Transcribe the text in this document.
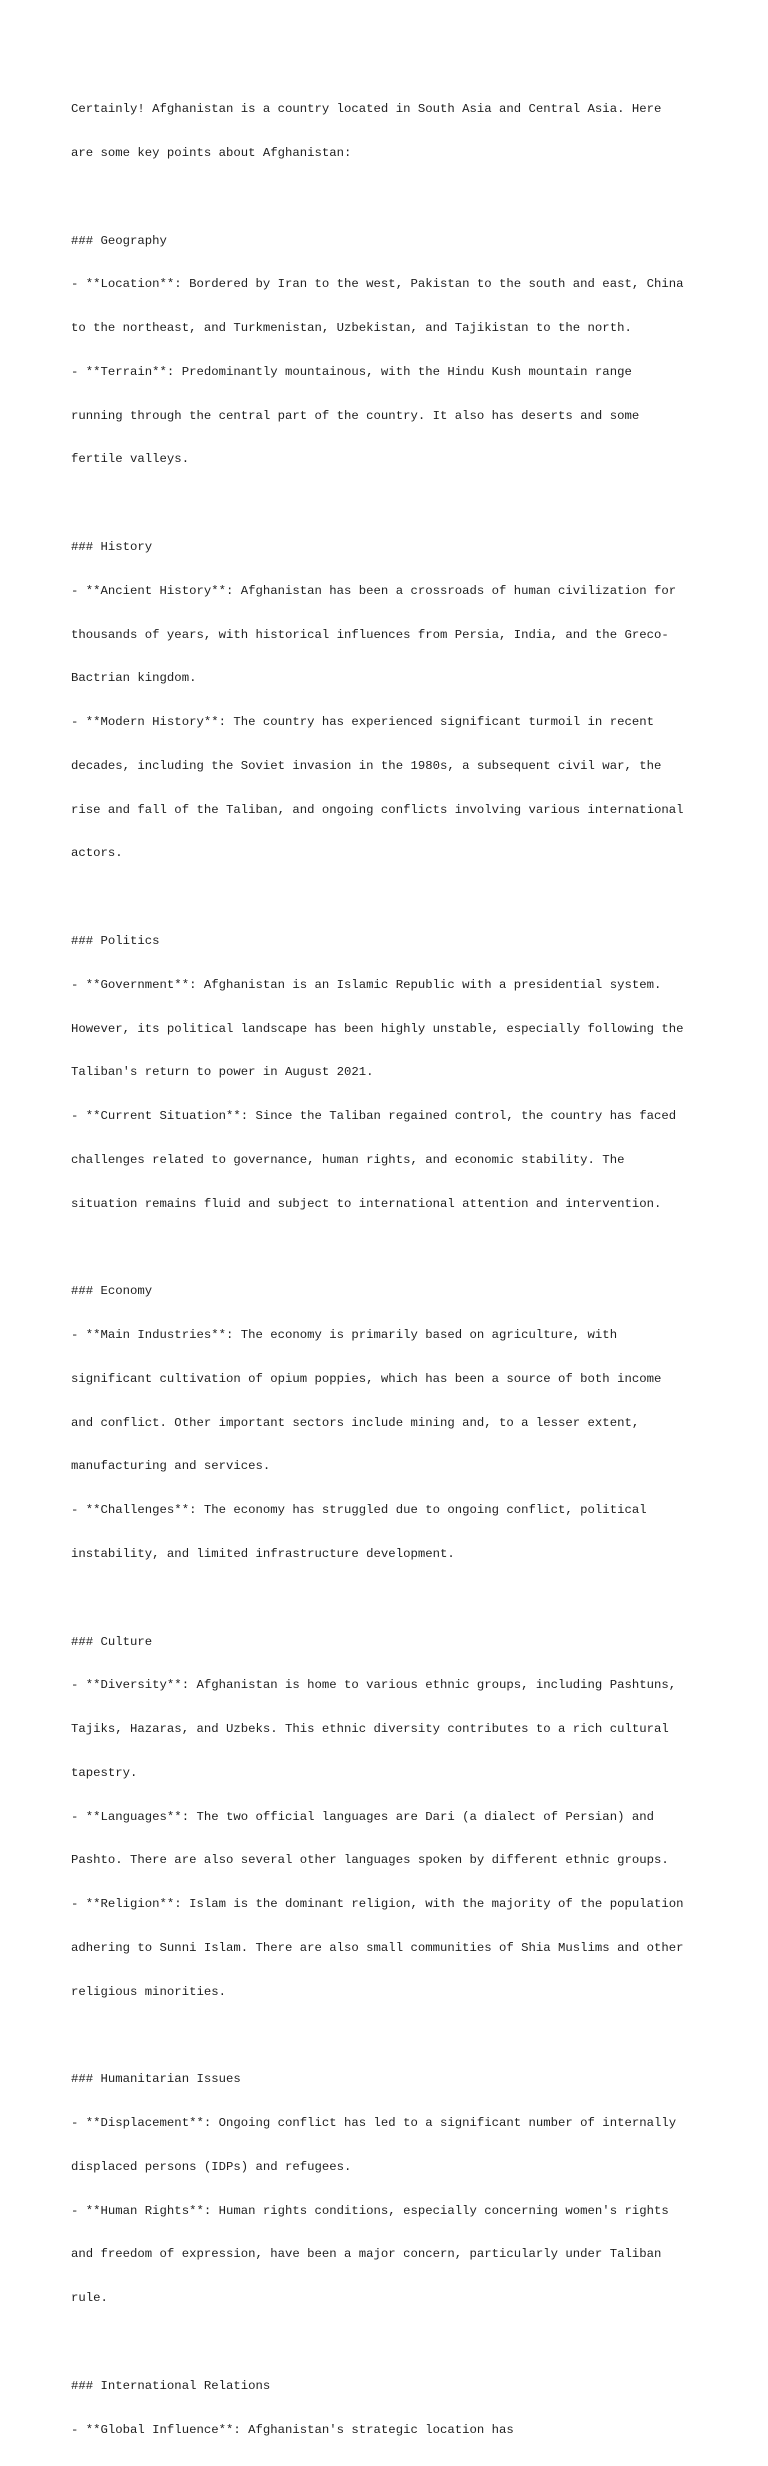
Certainly! Afghanistan is a country located in South Asia and Central Asia. Here

are some key points about Afghanistan:

### Geography

- **Location**: Bordered by Iran to the west, Pakistan to the south and east, China

to the northeast, and Turkmenistan, Uzbekistan, and Tajikistan to the north.

- **Terrain**: Predominantly mountainous, with the Hindu Kush mountain range

running through the central part of the country. It also has deserts and some

fertile valleys.

### History

- **Ancient History**: Afghanistan has been a crossroads of human civilization for

thousands of years, with historical influences from Persia, India, and the Greco-

Bactrian kingdom.

- **Modern History**: The country has experienced significant turmoil in recent

decades, including the Soviet invasion in the 1980s, a subsequent civil war, the

rise and fall of the Taliban, and ongoing conflicts involving various international

actors.

### Politics

- **Government**: Afghanistan is an Islamic Republic with a presidential system.

However, its political landscape has been highly unstable, especially following the

Taliban's return to power in August 2021.

- **Current Situation**: Since the Taliban regained control, the country has faced

challenges related to governance, human rights, and economic stability. The

situation remains fluid and subject to international attention and intervention.

### Economy

- **Main Industries**: The economy is primarily based on agriculture, with

significant cultivation of opium poppies, which has been a source of both income

and conflict. Other important sectors include mining and, to a lesser extent,

manufacturing and services.

- **Challenges**: The economy has struggled due to ongoing conflict, political

instability, and limited infrastructure development.

### Culture

- **Diversity**: Afghanistan is home to various ethnic groups, including Pashtuns,

Tajiks, Hazaras, and Uzbeks. This ethnic diversity contributes to a rich cultural

tapestry.

- **Languages**: The two official languages are Dari (a dialect of Persian) and

Pashto. There are also several other languages spoken by different ethnic groups.

- **Religion**: Islam is the dominant religion, with the majority of the population

adhering to Sunni Islam. There are also small communities of Shia Muslims and other

religious minorities.

### Humanitarian Issues

- **Displacement**: Ongoing conflict has led to a significant number of internally

displaced persons (IDPs) and refugees.

- **Human Rights**: Human rights conditions, especially concerning women's rights

and freedom of expression, have been a major concern, particularly under Taliban

rule.

### International Relations

- **Global Influence**: Afghanistan's strategic location has
